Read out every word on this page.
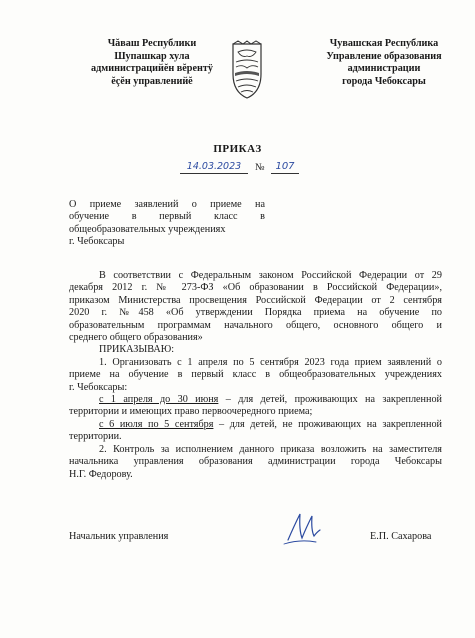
Чăваш Республики
Шупашкар хула
администрацийĕн вĕрентÿ
ĕçĕн управленийĕ
Чувашская Республика
Управление образования
администрации
города Чебоксары
ПРИКАЗ
14.03.2023	№	107
О приеме заявлений о приеме на
обучение в первый класс в
общеобразовательных учреждениях
г. Чебоксары
В соответствии с Федеральным законом Российской Федерации от 29
декабря 2012 г. № 273-ФЗ «Об образовании в Российской Федерации»,
приказом Министерства просвещения Российской Федерации от 2 сентября
2020 г. №458 «Об утверждении Порядка приема на обучение по
образовательным программам начального общего, основного общего и
среднего общего образования»
ПРИКАЗЫВАЮ:
1. Организовать с 1 апреля по 5 сентября 2023 года прием заявлений о
приеме на обучение в первый класс в общеобразовательных учреждениях
г. Чебоксары:
с 1 апреля до 30 июня – для детей, проживающих на закрепленной
территории и имеющих право первоочередного приема;
с 6 июля по 5 сентября – для детей, не проживающих на закрепленной
территории.
2. Контроль за исполнением данного приказа возложить на заместителя
начальника управления образования администрации города Чебоксары
Н.Г. Федорову.
Начальник управления	Е.П. Сахарова
